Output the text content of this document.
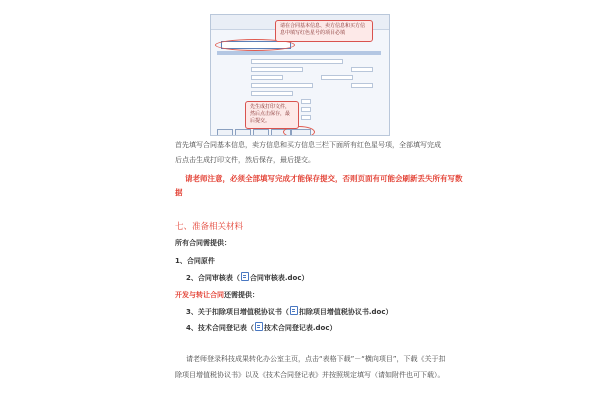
请在合同基本信息、卖方信息和买方信息中填写红色星号的项目必填
先生成打印文件，然后点击保存，最后提交。
首先填写合同基本信息，卖方信息和买方信息三栏下面所有红色星号项，全部填写完成
后点击生成打印文件，然后保存，最后提交。
请老师注意，必须全部填写完成才能保存提交，否则页面有可能会刷新丢失所有写数
据
七、准备相关材料
所有合同需提供：
1、合同原件
2、合同审核表（ 合同审核表.doc）
开发与转让合同还需提供：
3、关于扣除项目增值税协议书（ 扣除项目增值税协议书.doc）
4、技术合同登记表（ 技术合同登记表.doc）
请老师登录科技成果转化办公室主页，点击“表格下载”－“横向项目”，下载《关于扣
除项目增值税协议书》以及《技术合同登记表》并按照规定填写（请如附件也可下载）。
